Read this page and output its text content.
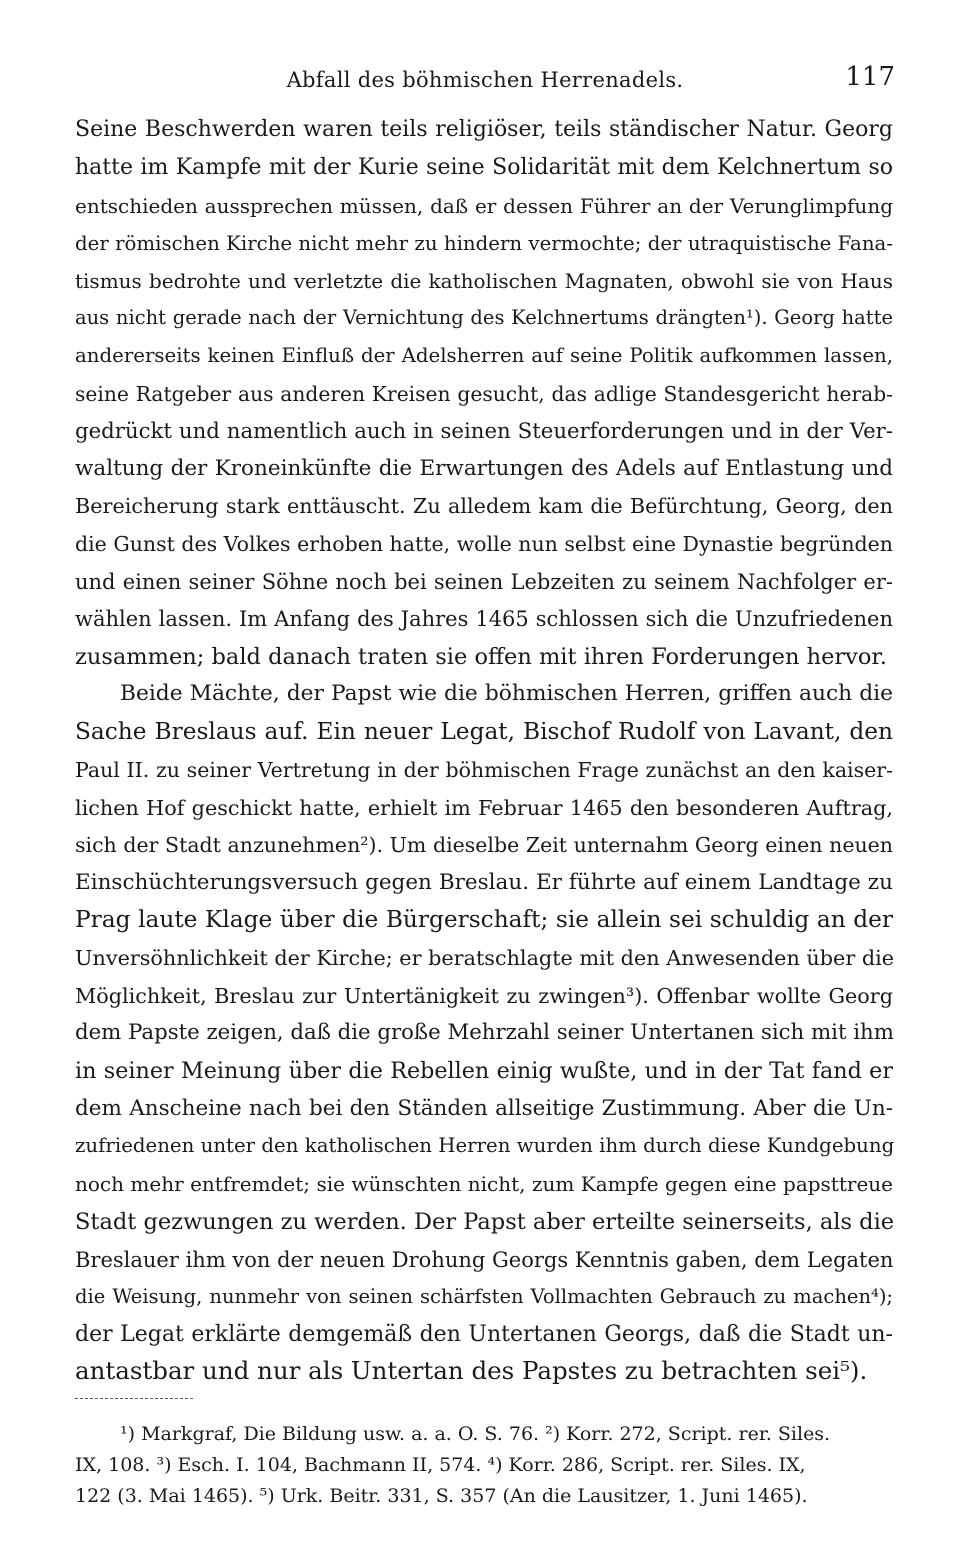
Abfall des böhmischen Herrenadels.	117
Seine Beschwerden waren teils religiöser, teils ständischer Natur. Georg
hatte im Kampfe mit der Kurie seine Solidarität mit dem Kelchnertum so
entschieden aussprechen müssen, daß er dessen Führer an der Verunglimpfung
der römischen Kirche nicht mehr zu hindern vermochte; der utraquistische Fana-
tismus bedrohte und verletzte die katholischen Magnaten, obwohl sie von Haus
aus nicht gerade nach der Vernichtung des Kelchnertums drängten¹). Georg hatte
andererseits keinen Einfluß der Adelsherren auf seine Politik aufkommen lassen,
seine Ratgeber aus anderen Kreisen gesucht, das adlige Standesgericht herab-
gedrückt und namentlich auch in seinen Steuerforderungen und in der Ver-
waltung der Kroneinkünfte die Erwartungen des Adels auf Entlastung und
Bereicherung stark enttäuscht. Zu alledem kam die Befürchtung, Georg, den
die Gunst des Volkes erhoben hatte, wolle nun selbst eine Dynastie begründen
und einen seiner Söhne noch bei seinen Lebzeiten zu seinem Nachfolger er-
wählen lassen. Im Anfang des Jahres 1465 schlossen sich die Unzufriedenen
zusammen; bald danach traten sie offen mit ihren Forderungen hervor.
Beide Mächte, der Papst wie die böhmischen Herren, griffen auch die
Sache Breslaus auf. Ein neuer Legat, Bischof Rudolf von Lavant, den
Paul II. zu seiner Vertretung in der böhmischen Frage zunächst an den kaiser-
lichen Hof geschickt hatte, erhielt im Februar 1465 den besonderen Auftrag,
sich der Stadt anzunehmen²). Um dieselbe Zeit unternahm Georg einen neuen
Einschüchterungsversuch gegen Breslau. Er führte auf einem Landtage zu
Prag laute Klage über die Bürgerschaft; sie allein sei schuldig an der
Unversöhnlichkeit der Kirche; er beratschlagte mit den Anwesenden über die
Möglichkeit, Breslau zur Untertänigkeit zu zwingen³). Offenbar wollte Georg
dem Papste zeigen, daß die große Mehrzahl seiner Untertanen sich mit ihm
in seiner Meinung über die Rebellen einig wußte, und in der Tat fand er
dem Anscheine nach bei den Ständen allseitige Zustimmung. Aber die Un-
zufriedenen unter den katholischen Herren wurden ihm durch diese Kundgebung
noch mehr entfremdet; sie wünschten nicht, zum Kampfe gegen eine papsttreue
Stadt gezwungen zu werden. Der Papst aber erteilte seinerseits, als die
Breslauer ihm von der neuen Drohung Georgs Kenntnis gaben, dem Legaten
die Weisung, nunmehr von seinen schärfsten Vollmachten Gebrauch zu machen⁴);
der Legat erklärte demgemäß den Untertanen Georgs, daß die Stadt un-
antastbar und nur als Untertan des Papstes zu betrachten sei⁵).
¹) Markgraf, Die Bildung usw. a. a. O. S. 76. ²) Korr. 272, Script. rer. Siles.
IX, 108. ³) Esch. I. 104, Bachmann II, 574. ⁴) Korr. 286, Script. rer. Siles. IX,
122 (3. Mai 1465). ⁵) Urk. Beitr. 331, S. 357 (An die Lausitzer, 1. Juni 1465).
